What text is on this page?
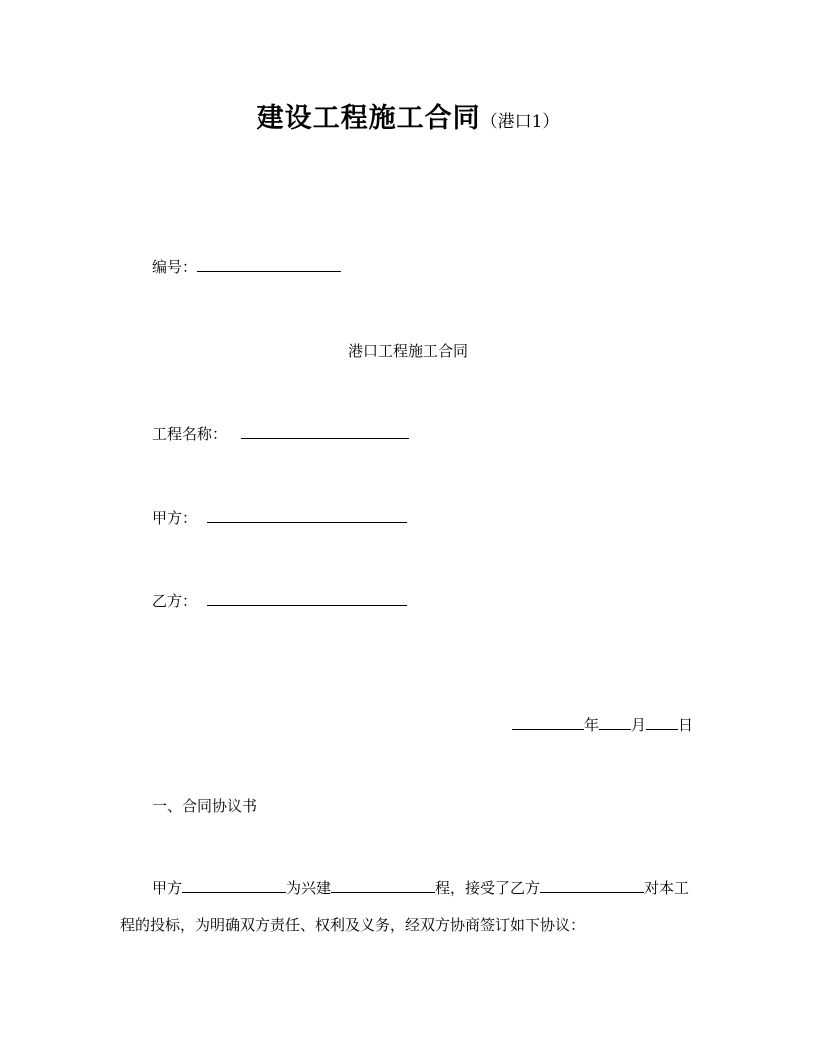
建设工程施工合同（港口1）
编号：
港口工程施工合同
工程名称：
甲方：
乙方：
年 月 日
一、合同协议书
甲方	为兴建	程，接受了乙方	对本工
程的投标，为明确双方责任、权利及义务，经双方协商签订如下协议：
